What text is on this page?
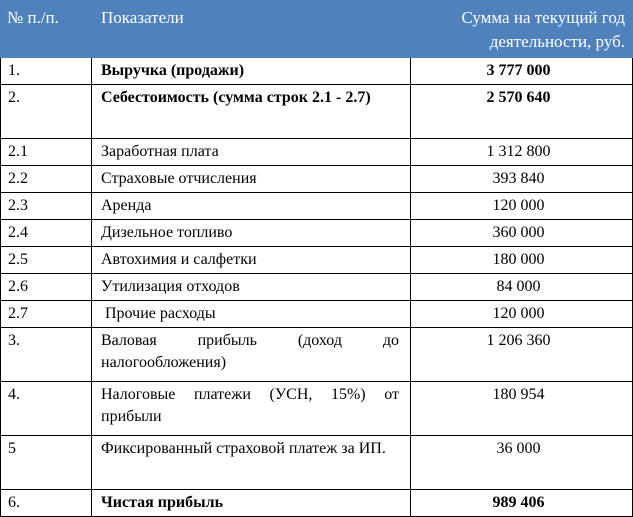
№ п./п.	Показатели	Сумма на текущий год деятельности, руб.
1.	Выручка (продажи)	3 777 000
2.	Себестоимость (сумма строк 2.1 - 2.7)	2 570 640
2.1	Заработная плата	1 312 800
2.2	Страховые отчисления	393 840
2.3	Аренда	120 000
2.4	Дизельное топливо	360 000
2.5	Автохимия и салфетки	180 000
2.6	Утилизация отходов	84 000
2.7	Прочие расходы	120 000
3.	Валовая прибыль (доход до налогообложения)	1 206 360
4.	Налоговые платежи (УСН, 15%) от прибыли	180 954
5	Фиксированный страховой платеж за ИП.	36 000
6.	Чистая прибыль	989 406
